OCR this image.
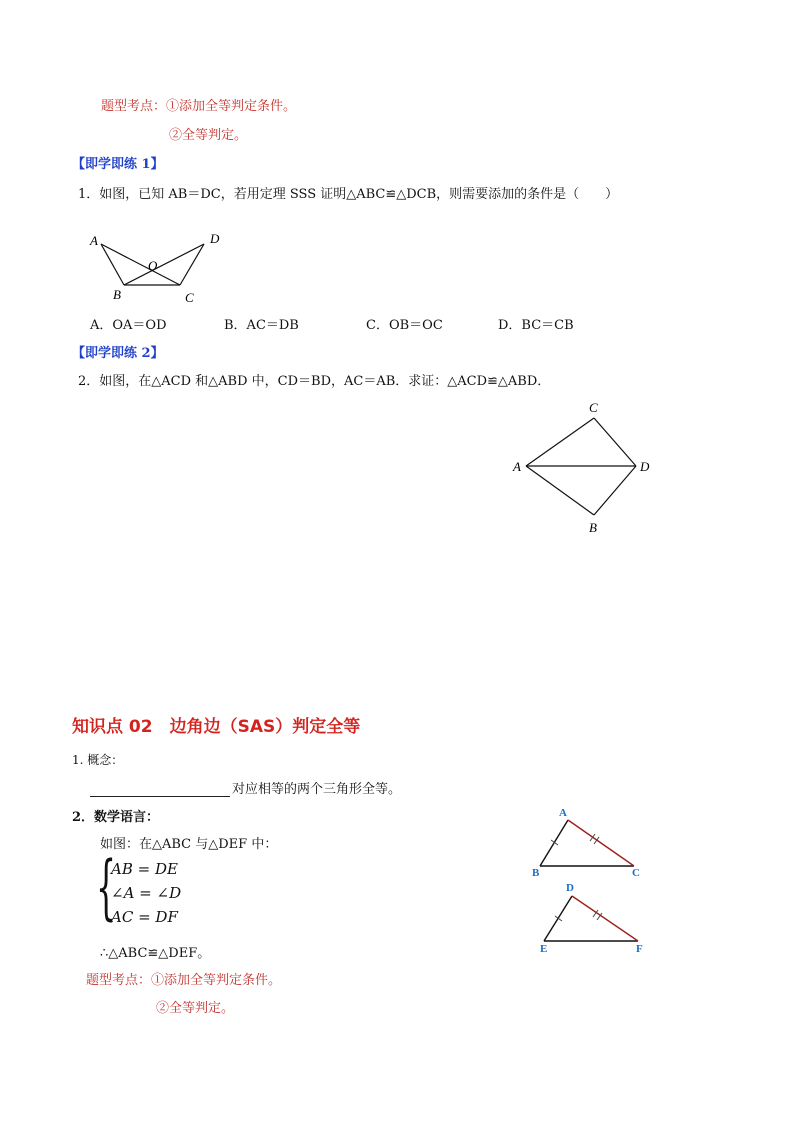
题型考点：①添加全等判定条件。
②全等判定。
【即学即练 1】
1．如图，已知 AB＝DC，若用定理 SSS 证明△ABC≌△DCB，则需要添加的条件是（　　）
A	D
O
B	C
A．OA＝OD	B．AC＝DB	C．OB＝OC	D．BC＝CB
【即学即练 2】
2．如图，在△ACD 和△ABD 中，CD＝BD，AC＝AB．求证：△ACD≌△ABD．
C
A	D
B
知识点 02　边角边（SAS）判定全等
1. 概念：
对应相等的两个三角形全等。
2．数学语言：
如图：在△ABC 与△DEF 中：
{
AB = DE
∠A = ∠D
AC = DF
∴△ABC≌△DEF。
题型考点：①添加全等判定条件。
②全等判定。
A
B	C
D
E	F
